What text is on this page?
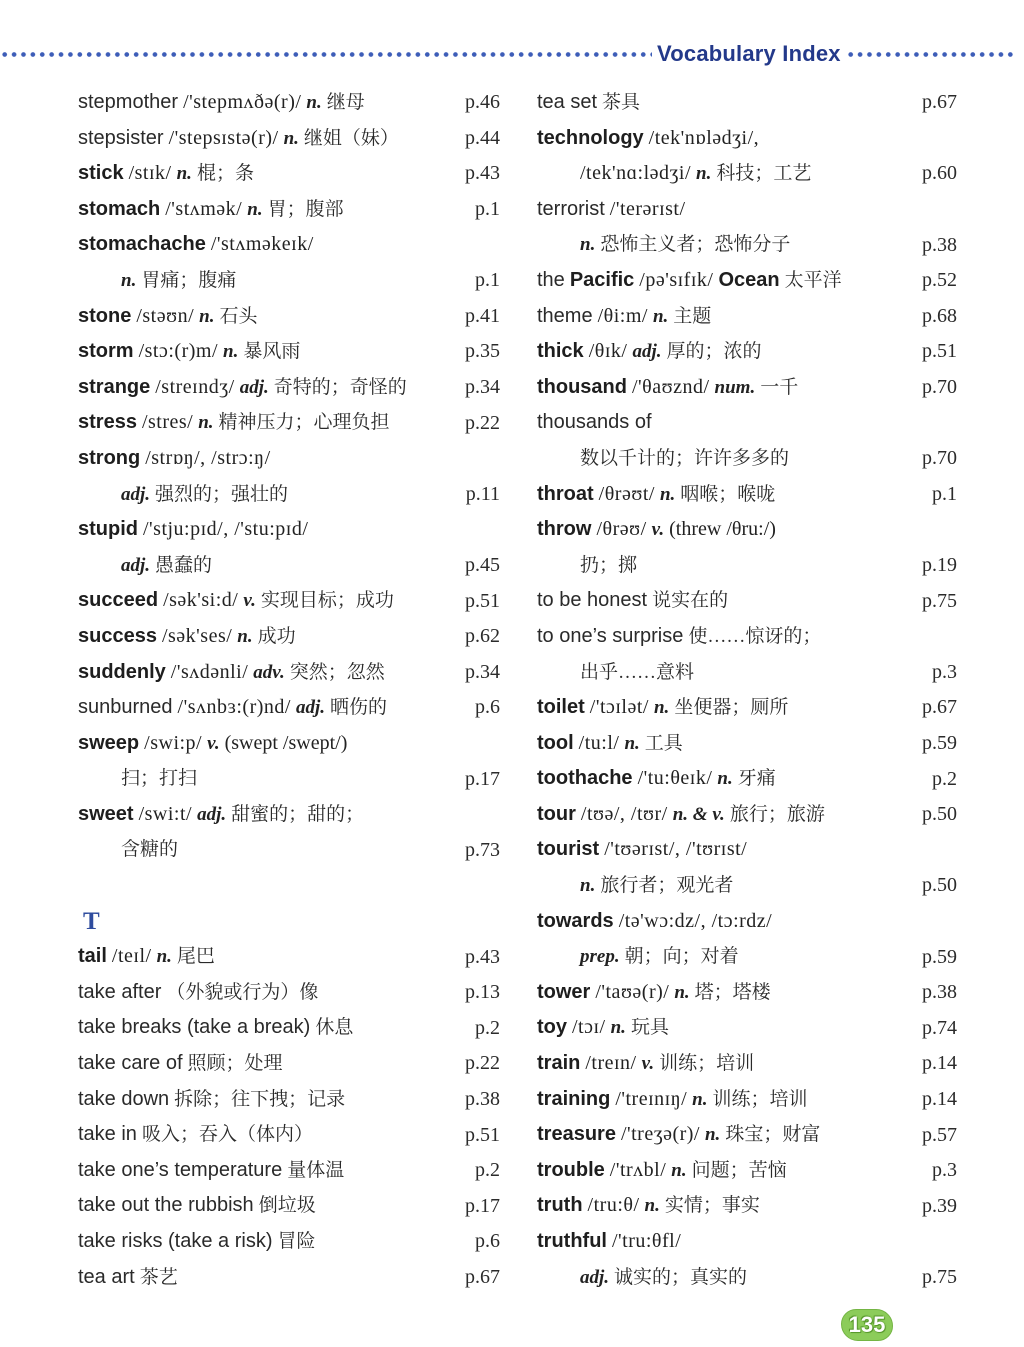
Vocabulary Index
stepmother /'stepmʌðə(r)/ n. 继母	p.46
stepsister /'stepsɪstə(r)/ n. 继姐（妹）	p.44
stick /stɪk/ n. 棍；条	p.43
stomach /'stʌmək/ n. 胃；腹部	p.1
stomachache /'stʌməkeɪk/
n. 胃痛；腹痛	p.1
stone /stəʊn/ n. 石头	p.41
storm /stɔ:(r)m/ n. 暴风雨	p.35
strange /streɪndʒ/ adj. 奇特的；奇怪的	p.34
stress /stres/ n. 精神压力；心理负担	p.22
strong /strɒŋ/, /strɔ:ŋ/
adj. 强烈的；强壮的	p.11
stupid /'stju:pɪd/, /'stu:pɪd/
adj. 愚蠢的	p.45
succeed /sək'si:d/ v. 实现目标；成功	p.51
success /sək'ses/ n. 成功	p.62
suddenly /'sʌdənli/ adv. 突然；忽然	p.34
sunburned /'sʌnbɜ:(r)nd/ adj. 晒伤的	p.6
sweep /swi:p/ v. (swept /swept/)
扫；打扫	p.17
sweet /swi:t/ adj. 甜蜜的；甜的；
含糖的	p.73
T
tail /teɪl/ n. 尾巴	p.43
take after （外貌或行为）像	p.13
take breaks (take a break) 休息	p.2
take care of 照顾；处理	p.22
take down 拆除；往下拽；记录	p.38
take in 吸入；吞入（体内）	p.51
take one’s temperature 量体温	p.2
take out the rubbish 倒垃圾	p.17
take risks (take a risk) 冒险	p.6
tea art 茶艺	p.67
tea set 茶具	p.67
technology /tek'nɒlədʒi/,
/tek'nɑ:lədʒi/ n. 科技；工艺	p.60
terrorist /'terərɪst/
n. 恐怖主义者；恐怖分子	p.38
the Pacific /pə'sɪfɪk/ Ocean 太平洋	p.52
theme /θi:m/ n. 主题	p.68
thick /θɪk/ adj. 厚的；浓的	p.51
thousand /'θaʊznd/ num. 一千	p.70
thousands of
数以千计的；许许多多的	p.70
throat /θrəʊt/ n. 咽喉；喉咙	p.1
throw /θrəʊ/ v. (threw /θru:/)
扔；掷	p.19
to be honest 说实在的	p.75
to one’s surprise 使……惊讶的；
出乎……意料	p.3
toilet /'tɔɪlət/ n. 坐便器；厕所	p.67
tool /tu:l/ n. 工具	p.59
toothache /'tu:θeɪk/ n. 牙痛	p.2
tour /tʊə/, /tʊr/ n. & v. 旅行；旅游	p.50
tourist /'tʊərɪst/, /'tʊrɪst/
n. 旅行者；观光者	p.50
towards /tə'wɔ:dz/, /tɔ:rdz/
prep. 朝；向；对着	p.59
tower /'taʊə(r)/ n. 塔；塔楼	p.38
toy /tɔɪ/ n. 玩具	p.74
train /treɪn/ v. 训练；培训	p.14
training /'treɪnɪŋ/ n. 训练；培训	p.14
treasure /'treʒə(r)/ n. 珠宝；财富	p.57
trouble /'trʌbl/ n. 问题；苦恼	p.3
truth /tru:θ/ n. 实情；事实	p.39
truthful /'tru:θfl/
adj. 诚实的；真实的	p.75
135
